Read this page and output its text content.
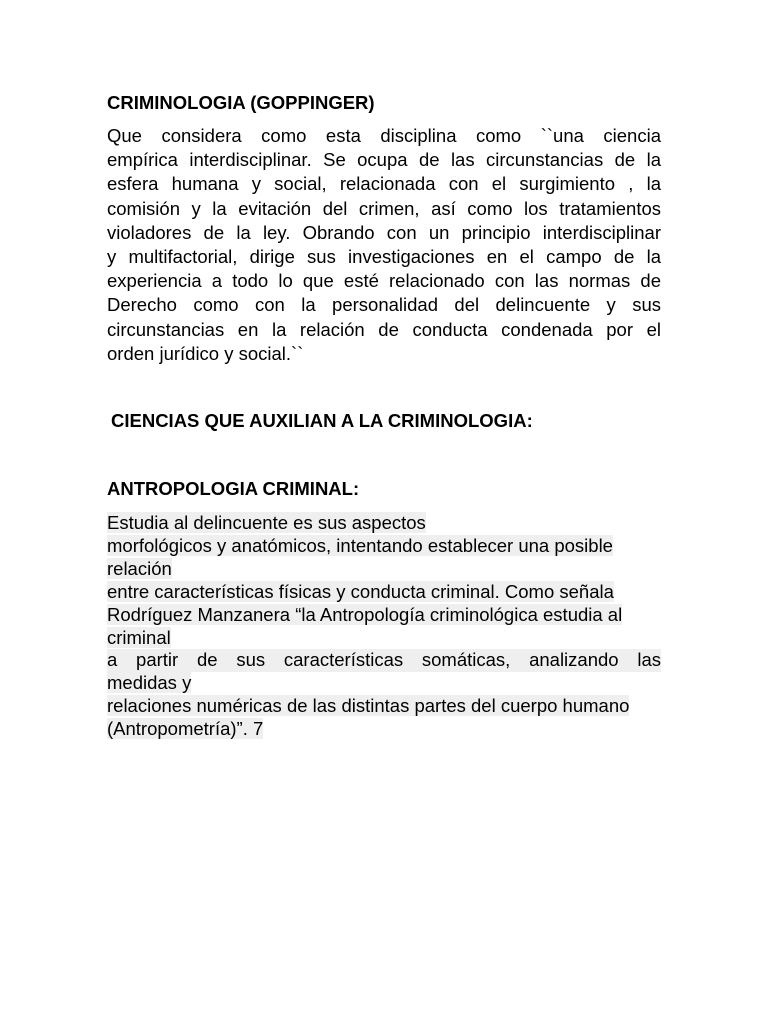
CRIMINOLOGIA (GOPPINGER)

Que considera como esta disciplina como ``una ciencia
empírica interdisciplinar. Se ocupa de las circunstancias de la
esfera humana y social, relacionada con el surgimiento , la
comisión y la evitación del crimen, así como los tratamientos
violadores de la ley. Obrando con un principio interdisciplinar
y multifactorial, dirige sus investigaciones en el campo de la
experiencia a todo lo que esté relacionado con las normas de
Derecho como con la personalidad del delincuente y sus
circunstancias en la relación de conducta condenada por el
orden jurídico y social.``

CIENCIAS QUE AUXILIAN A LA CRIMINOLOGIA:
ANTROPOLOGIA CRIMINAL:

Estudia al delincuente es sus aspectos
morfológicos y anatómicos, intentando establecer una posible
relación
entre características físicas y conducta criminal. Como señala
Rodríguez Manzanera “la Antropología criminológica estudia al
criminal
a partir de sus características somáticas, analizando las
medidas y
relaciones numéricas de las distintas partes del cuerpo humano
(Antropometría)”. 7
